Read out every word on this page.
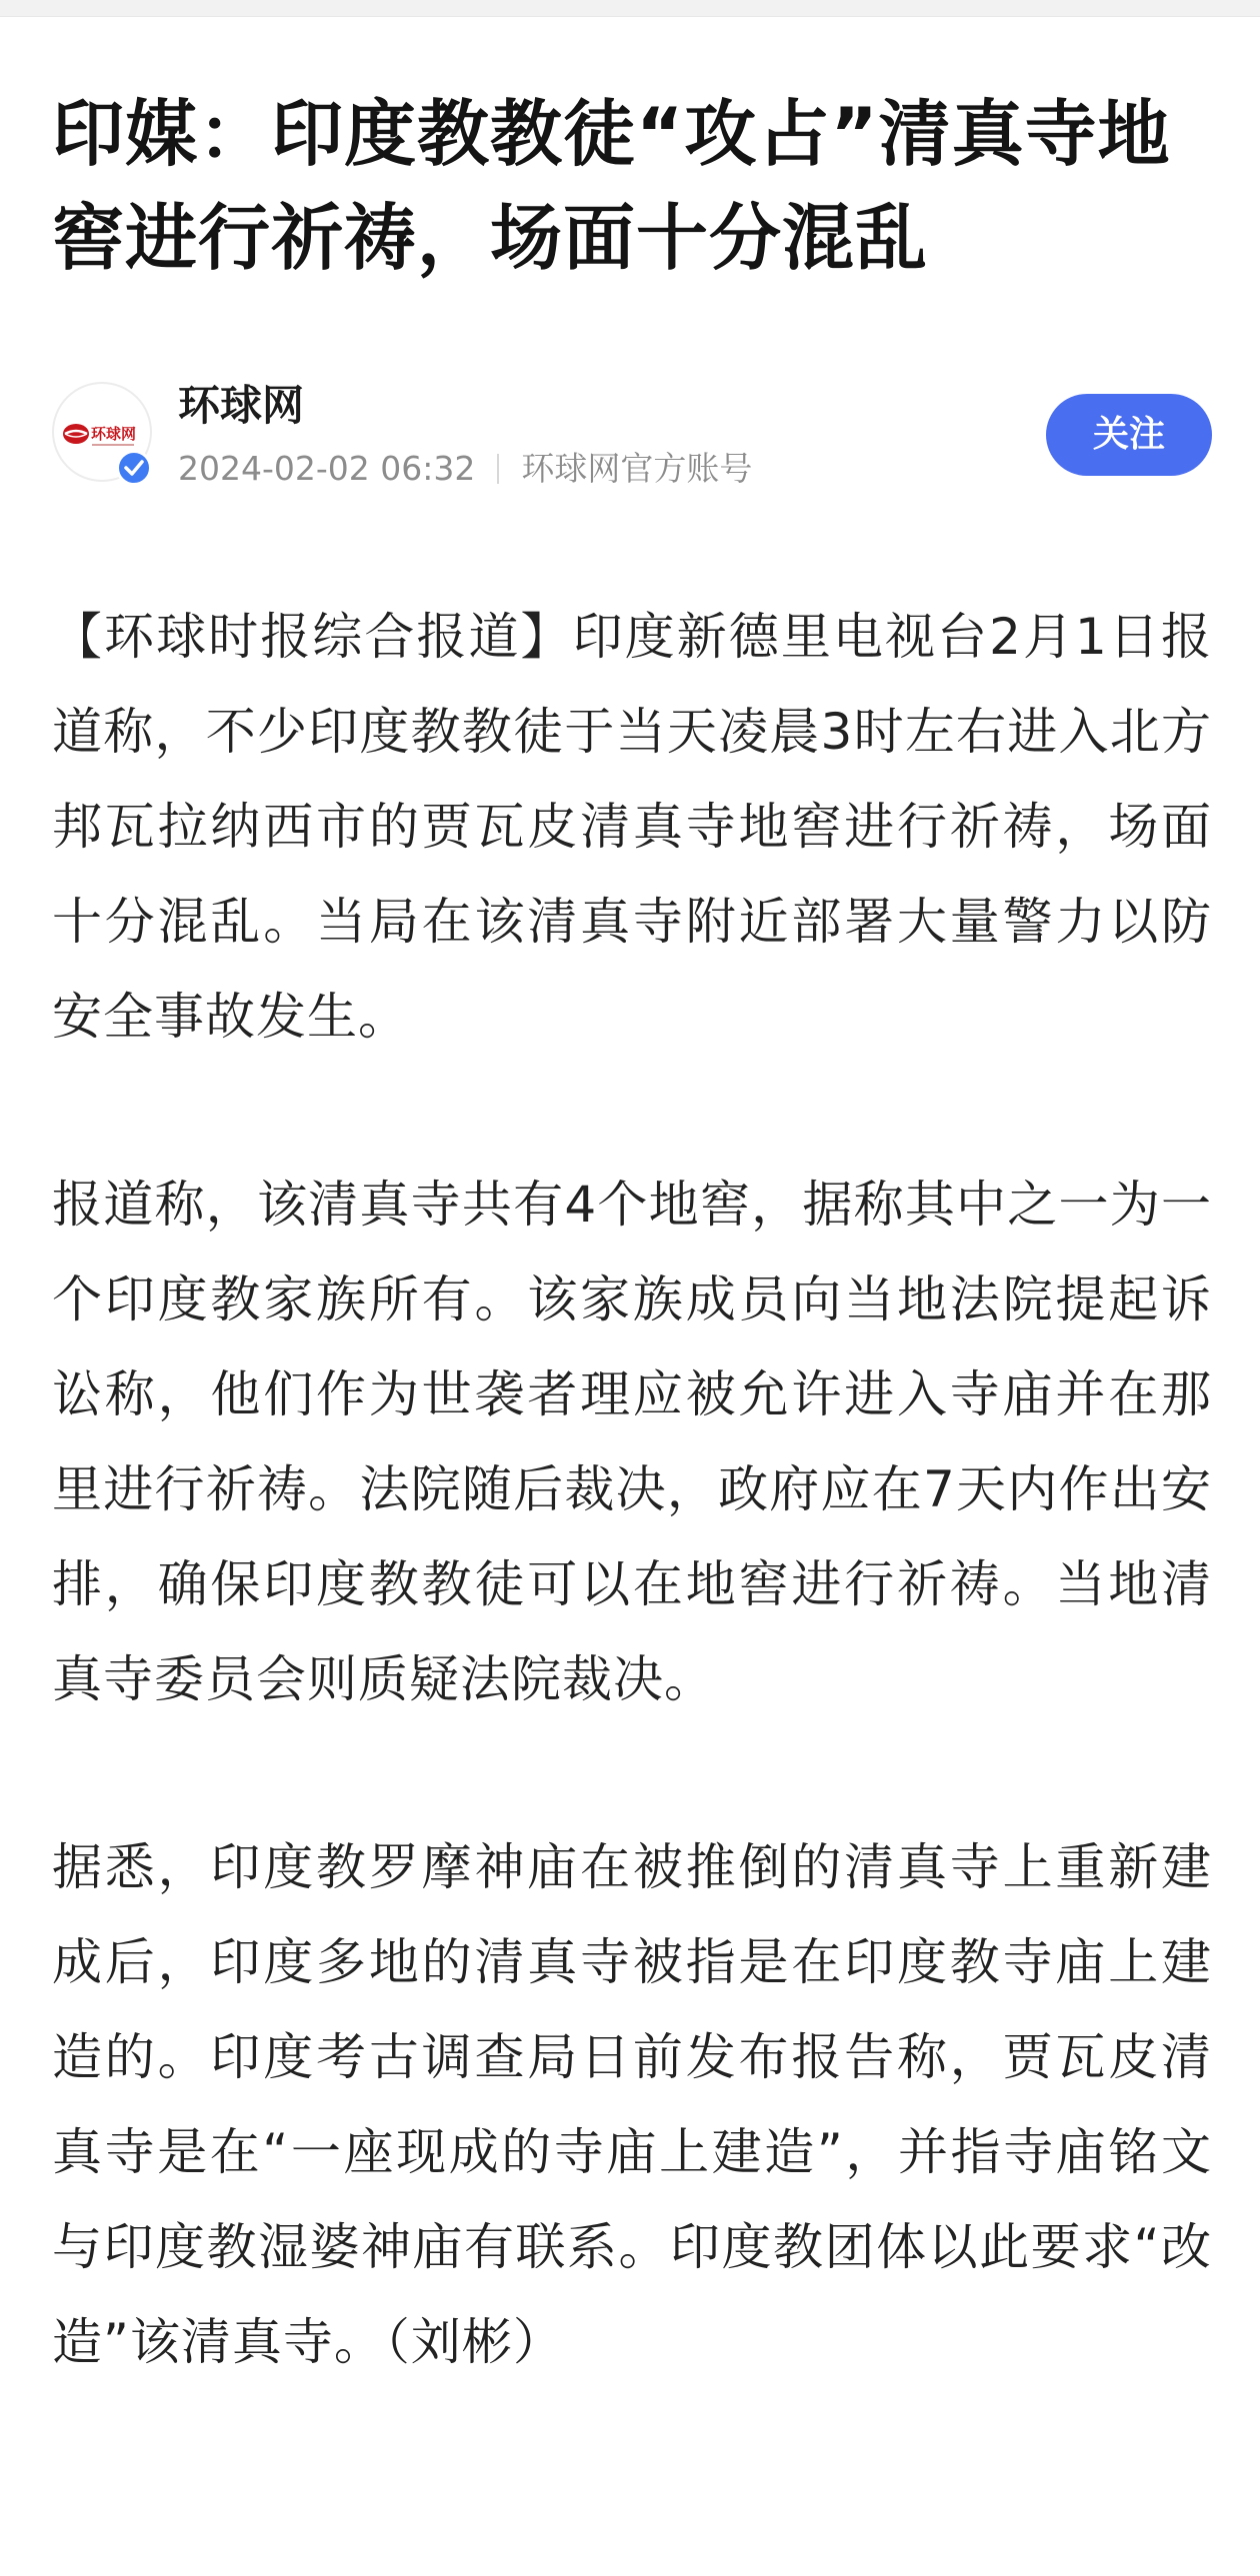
印媒：印度教教徒“攻占”清真寺地窖进行祈祷，场面十分混乱
环球网
环球网
2024-02-02 06:32 环球网官方账号
关注

【环球时报综合报道】印度新德里电视台2月1日报道称，不少印度教教徒于当天凌晨3时左右进入北方邦瓦拉纳西市的贾瓦皮清真寺地窖进行祈祷，场面十分混乱。当局在该清真寺附近部署大量警力以防安全事故发生。

报道称，该清真寺共有4个地窖，据称其中之一为一个印度教家族所有。该家族成员向当地法院提起诉讼称，他们作为世袭者理应被允许进入寺庙并在那里进行祈祷。法院随后裁决，政府应在7天内作出安排，确保印度教教徒可以在地窖进行祈祷。当地清真寺委员会则质疑法院裁决。

据悉，印度教罗摩神庙在被推倒的清真寺上重新建成后，印度多地的清真寺被指是在印度教寺庙上建造的。印度考古调查局日前发布报告称，贾瓦皮清真寺是在“一座现成的寺庙上建造”，并指寺庙铭文与印度教湿婆神庙有联系。印度教团体以此要求“改造”该清真寺。（刘彬）
